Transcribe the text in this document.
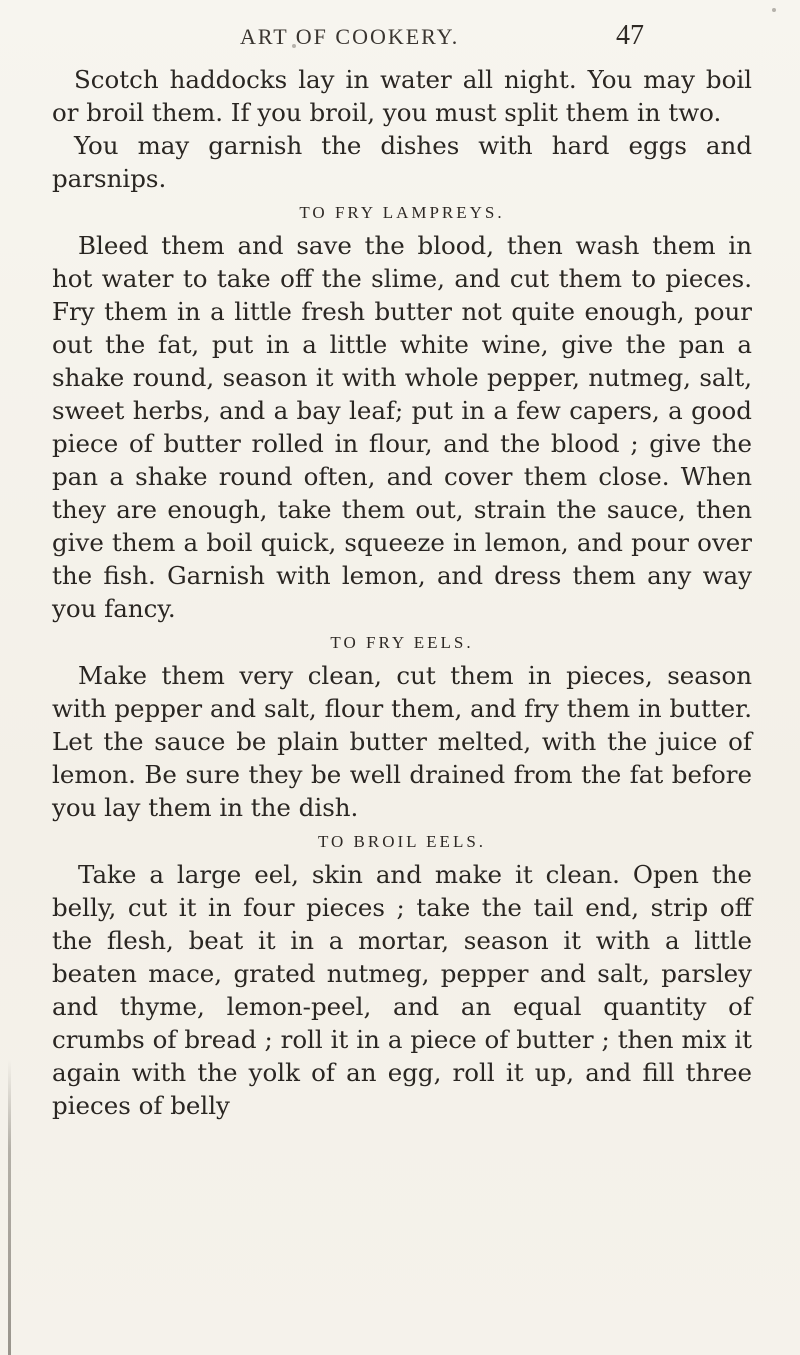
ART OF COOKERY.	47

Scotch haddocks lay in water all night. You may boil or broil them. If you broil, you must split them in two.

You may garnish the dishes with hard eggs and parsnips.

TO FRY LAMPREYS.

Bleed them and save the blood, then wash them in hot water to take off the slime, and cut them to pieces. Fry them in a little fresh butter not quite enough, pour out the fat, put in a little white wine, give the pan a shake round, season it with whole pepper, nutmeg, salt, sweet herbs, and a bay leaf; put in a few capers, a good piece of butter rolled in flour, and the blood ; give the pan a shake round often, and cover them close. When they are enough, take them out, strain the sauce, then give them a boil quick, squeeze in lemon, and pour over the fish. Garnish with lemon, and dress them any way you fancy.

TO FRY EELS.

Make them very clean, cut them in pieces, season with pepper and salt, flour them, and fry them in butter. Let the sauce be plain butter melted, with the juice of lemon. Be sure they be well drained from the fat before you lay them in the dish.

TO BROIL EELS.

Take a large eel, skin and make it clean. Open the belly, cut it in four pieces ; take the tail end, strip off the flesh, beat it in a mortar, season it with a little beaten mace, grated nutmeg, pepper and salt, parsley and thyme, lemon-peel, and an equal quantity of crumbs of bread ; roll it in a piece of butter ; then mix it again with the yolk of an egg, roll it up, and fill three pieces of belly
